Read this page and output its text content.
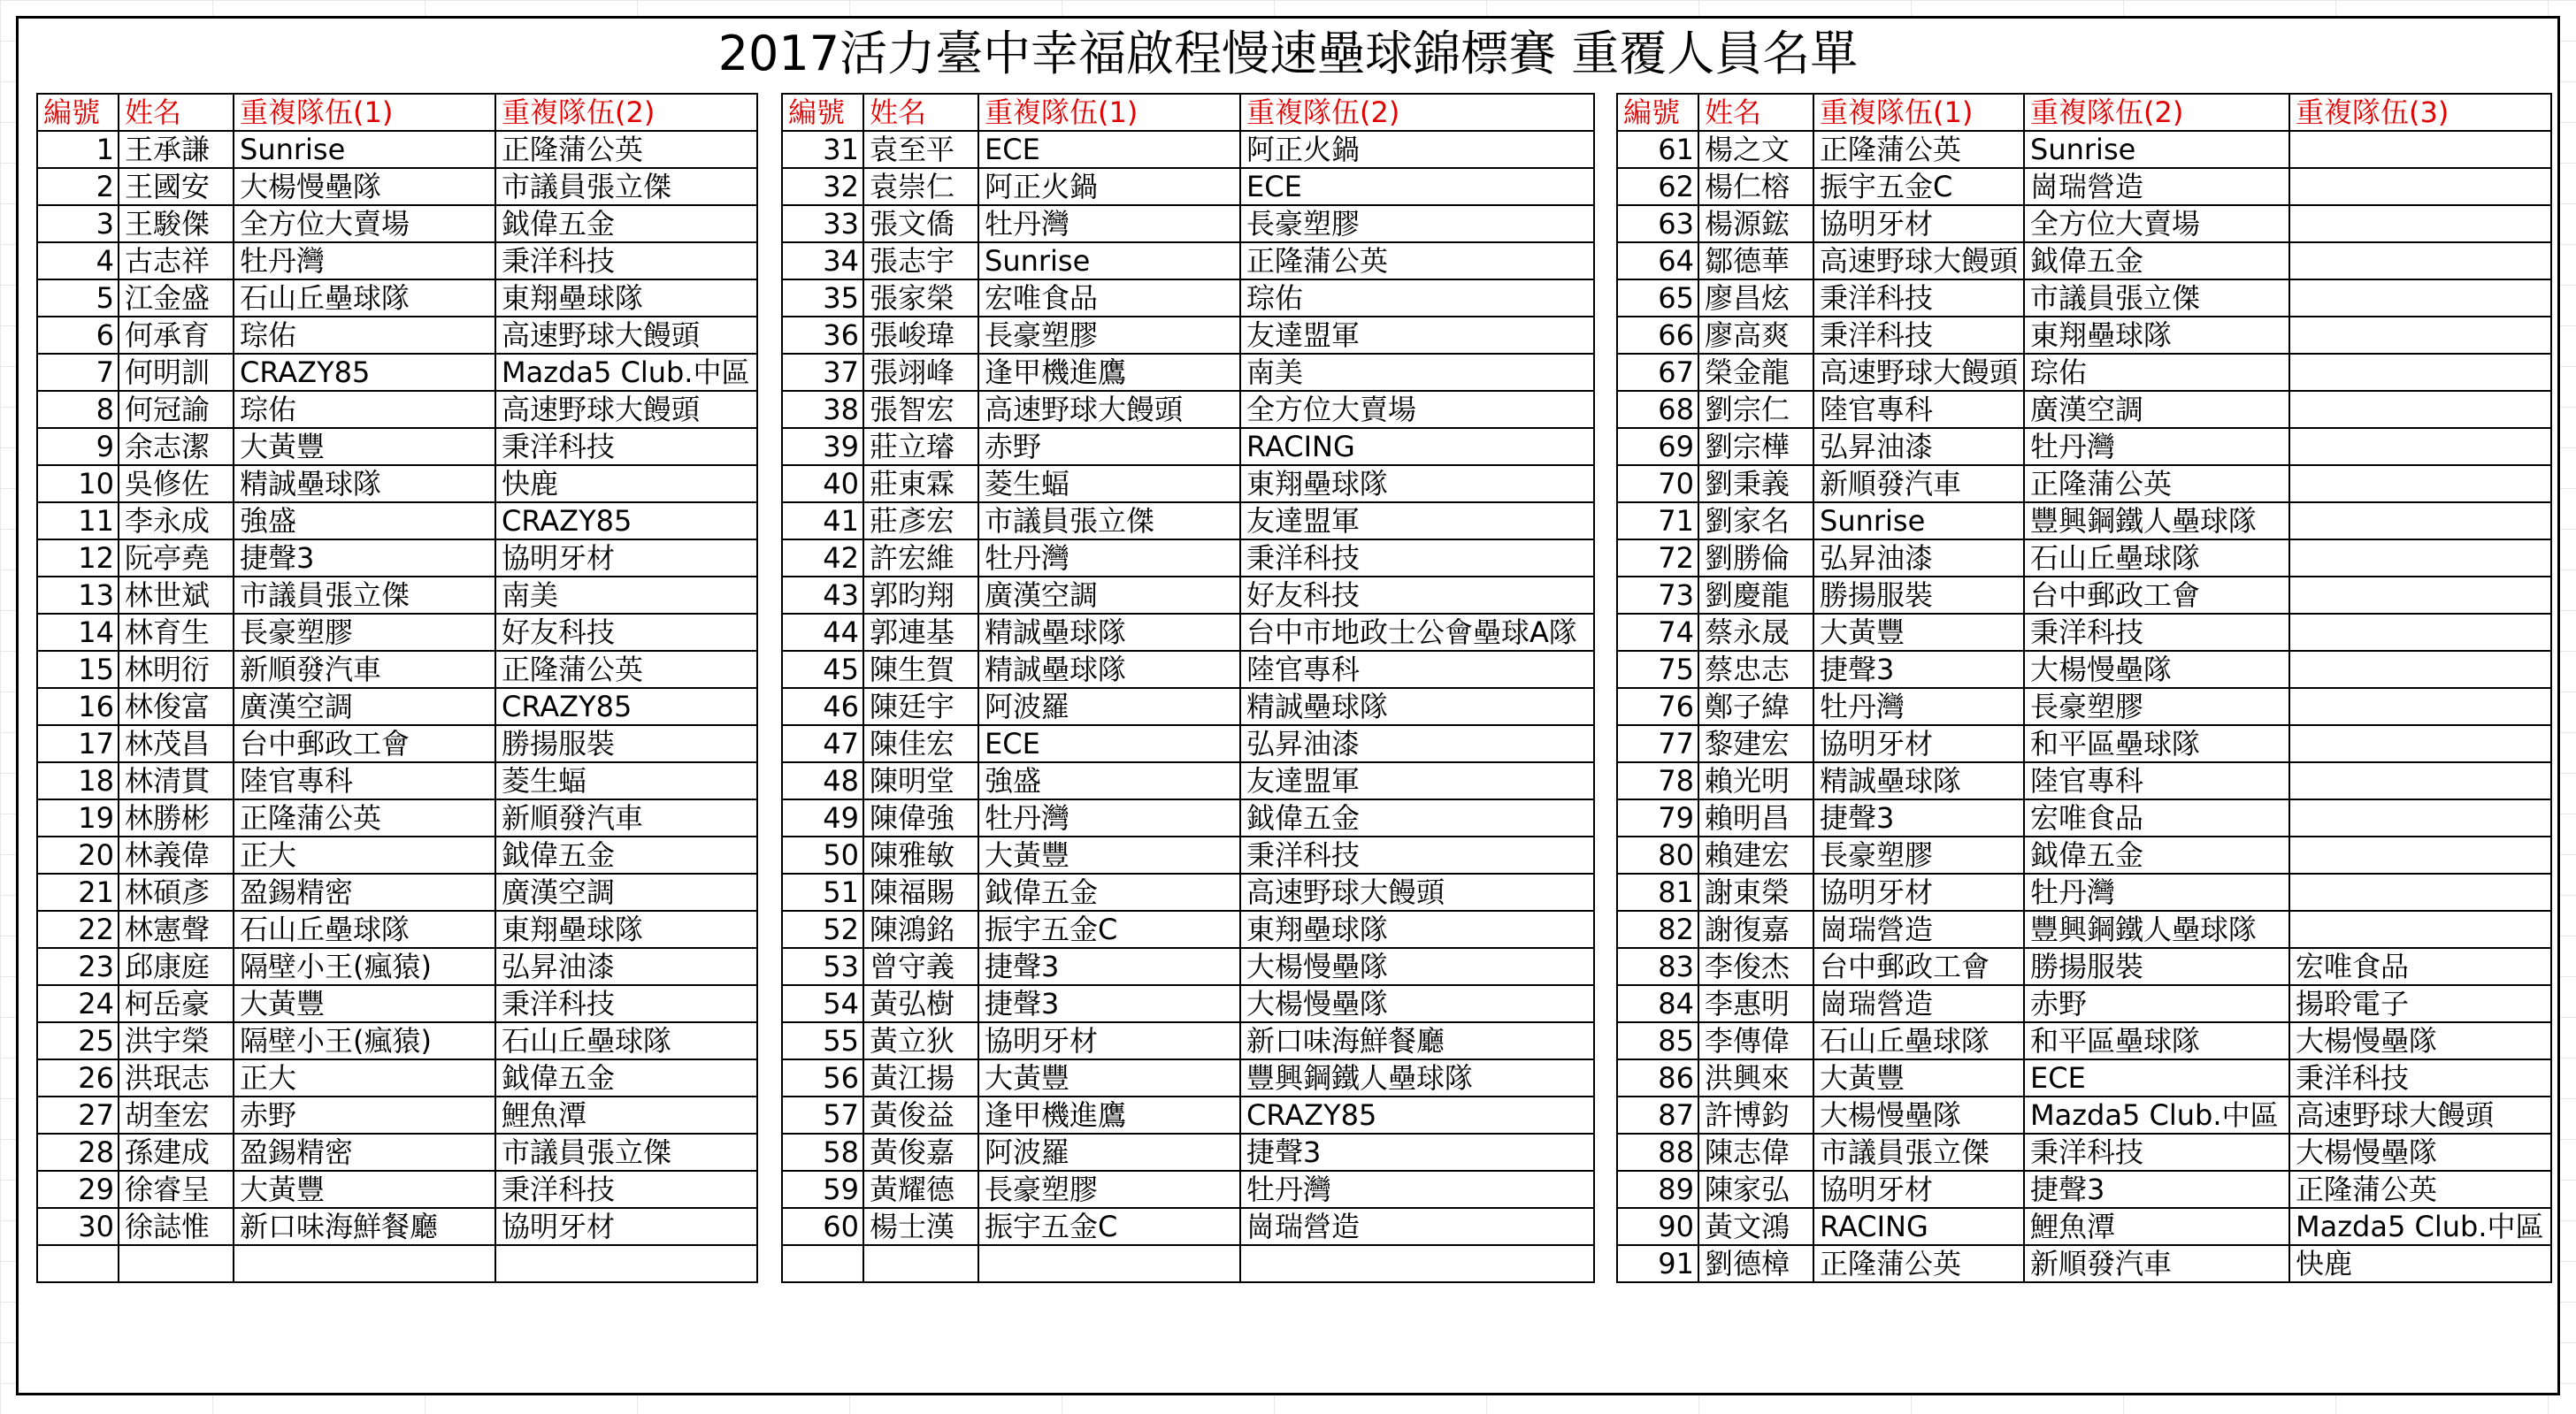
2017活力臺中幸福啟程慢速壘球錦標賽 重覆人員名單
編號	姓名	重複隊伍(1)	重複隊伍(2)
1	王承謙	Sunrise	正隆蒲公英
2	王國安	大楊慢壘隊	市議員張立傑
3	王駿傑	全方位大賣場	鉞偉五金
4	古志祥	牡丹灣	秉洋科技
5	江金盛	石山丘壘球隊	東翔壘球隊
6	何承育	琮佑	高速野球大饅頭
7	何明訓	CRAZY85	Mazda5 Club.中區
8	何冠諭	琮佑	高速野球大饅頭
9	余志潔	大黃豐	秉洋科技
10	吳修佐	精誠壘球隊	快鹿
11	李永成	強盛	CRAZY85
12	阮亭堯	捷聲3	協明牙材
13	林世斌	市議員張立傑	南美
14	林育生	長豪塑膠	好友科技
15	林明衍	新順發汽車	正隆蒲公英
16	林俊富	廣漢空調	CRAZY85
17	林茂昌	台中郵政工會	勝揚服裝
18	林清貫	陸官專科	菱生蝠
19	林勝彬	正隆蒲公英	新順發汽車
20	林義偉	正大	鉞偉五金
21	林碩彥	盈錫精密	廣漢空調
22	林憲聲	石山丘壘球隊	東翔壘球隊
23	邱康庭	隔壁小王(瘋猿)	弘昇油漆
24	柯岳豪	大黃豐	秉洋科技
25	洪宇榮	隔壁小王(瘋猿)	石山丘壘球隊
26	洪珉志	正大	鉞偉五金
27	胡奎宏	赤野	鯉魚潭
28	孫建成	盈錫精密	市議員張立傑
29	徐睿呈	大黃豐	秉洋科技
30	徐誌惟	新口味海鮮餐廳	協明牙材

編號	姓名	重複隊伍(1)	重複隊伍(2)
31	袁至平	ECE	阿正火鍋
32	袁崇仁	阿正火鍋	ECE
33	張文僑	牡丹灣	長豪塑膠
34	張志宇	Sunrise	正隆蒲公英
35	張家榮	宏唯食品	琮佑
36	張峻瑋	長豪塑膠	友達盟軍
37	張翊峰	逢甲機進鷹	南美
38	張智宏	高速野球大饅頭	全方位大賣場
39	莊立璿	赤野	RACING
40	莊東霖	菱生蝠	東翔壘球隊
41	莊彥宏	市議員張立傑	友達盟軍
42	許宏維	牡丹灣	秉洋科技
43	郭昀翔	廣漢空調	好友科技
44	郭連基	精誠壘球隊	台中市地政士公會壘球A隊
45	陳生賀	精誠壘球隊	陸官專科
46	陳廷宇	阿波羅	精誠壘球隊
47	陳佳宏	ECE	弘昇油漆
48	陳明堂	強盛	友達盟軍
49	陳偉強	牡丹灣	鉞偉五金
50	陳雅敏	大黃豐	秉洋科技
51	陳福賜	鉞偉五金	高速野球大饅頭
52	陳鴻銘	振宇五金C	東翔壘球隊
53	曾守義	捷聲3	大楊慢壘隊
54	黃弘樹	捷聲3	大楊慢壘隊
55	黃立狄	協明牙材	新口味海鮮餐廳
56	黃江揚	大黃豐	豐興鋼鐵人壘球隊
57	黃俊益	逢甲機進鷹	CRAZY85
58	黃俊嘉	阿波羅	捷聲3
59	黃耀德	長豪塑膠	牡丹灣
60	楊士漢	振宇五金C	崗瑞營造

編號	姓名	重複隊伍(1)	重複隊伍(2)	重複隊伍(3)
61	楊之文	正隆蒲公英	Sunrise	
62	楊仁榕	振宇五金C	崗瑞營造	
63	楊源鋐	協明牙材	全方位大賣場	
64	鄒德華	高速野球大饅頭	鉞偉五金	
65	廖昌炫	秉洋科技	市議員張立傑	
66	廖高爽	秉洋科技	東翔壘球隊	
67	榮金龍	高速野球大饅頭	琮佑	
68	劉宗仁	陸官專科	廣漢空調	
69	劉宗樺	弘昇油漆	牡丹灣	
70	劉秉義	新順發汽車	正隆蒲公英	
71	劉家名	Sunrise	豐興鋼鐵人壘球隊	
72	劉勝倫	弘昇油漆	石山丘壘球隊	
73	劉慶龍	勝揚服裝	台中郵政工會	
74	蔡永晟	大黃豐	秉洋科技	
75	蔡忠志	捷聲3	大楊慢壘隊	
76	鄭子緯	牡丹灣	長豪塑膠	
77	黎建宏	協明牙材	和平區壘球隊	
78	賴光明	精誠壘球隊	陸官專科	
79	賴明昌	捷聲3	宏唯食品	
80	賴建宏	長豪塑膠	鉞偉五金	
81	謝東榮	協明牙材	牡丹灣	
82	謝復嘉	崗瑞營造	豐興鋼鐵人壘球隊	
83	李俊杰	台中郵政工會	勝揚服裝	宏唯食品
84	李惠明	崗瑞營造	赤野	揚聆電子
85	李傳偉	石山丘壘球隊	和平區壘球隊	大楊慢壘隊
86	洪興來	大黃豐	ECE	秉洋科技
87	許博鈞	大楊慢壘隊	Mazda5 Club.中區	高速野球大饅頭
88	陳志偉	市議員張立傑	秉洋科技	大楊慢壘隊
89	陳家弘	協明牙材	捷聲3	正隆蒲公英
90	黃文鴻	RACING	鯉魚潭	Mazda5 Club.中區
91	劉德樟	正隆蒲公英	新順發汽車	快鹿
